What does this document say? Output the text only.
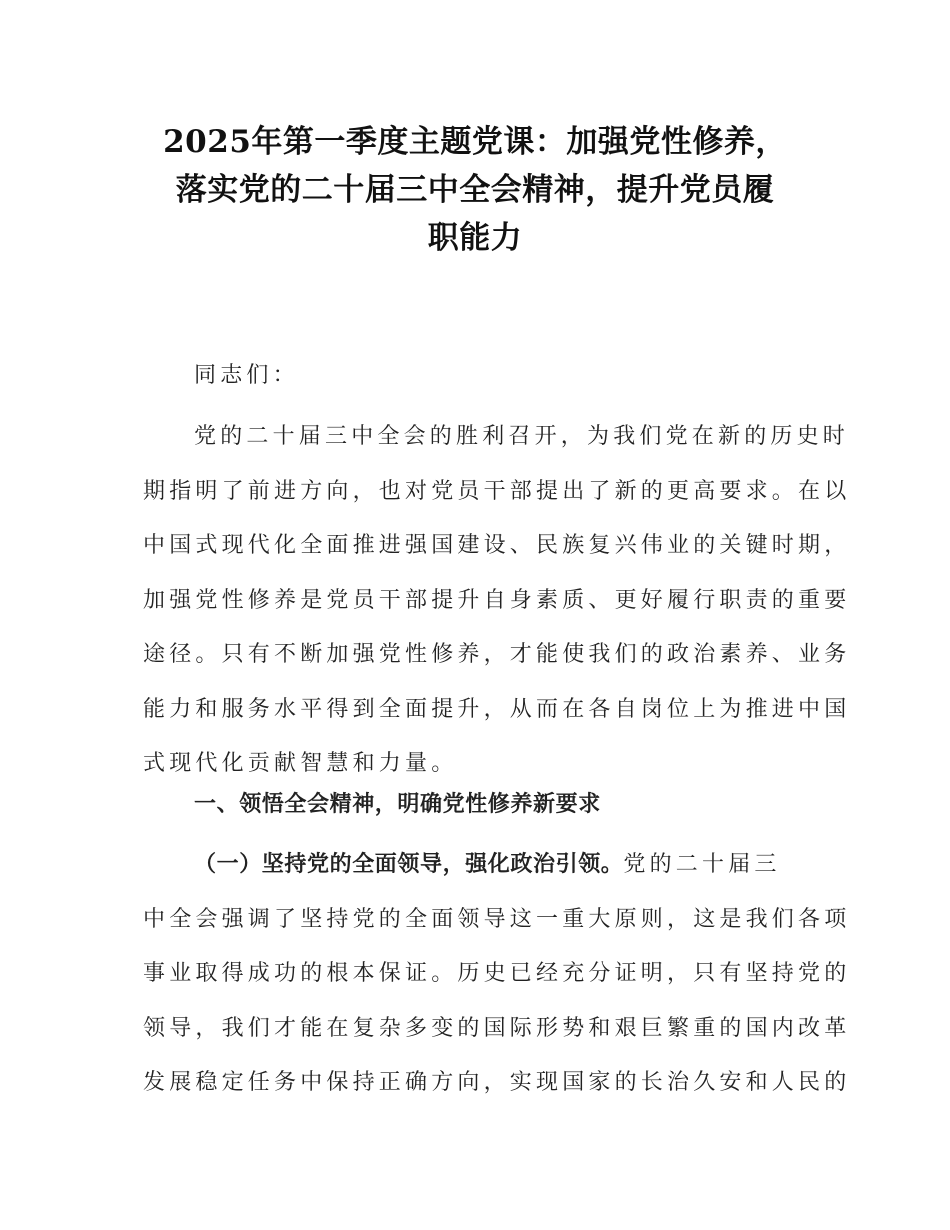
2025年第一季度主题党课：加强党性修养，
落实党的二十届三中全会精神，提升党员履
职能力
同志们：
党的二十届三中全会的胜利召开，为我们党在新的历史时
期指明了前进方向，也对党员干部提出了新的更高要求。在以
中国式现代化全面推进强国建设、民族复兴伟业的关键时期，
加强党性修养是党员干部提升自身素质、更好履行职责的重要
途径。只有不断加强党性修养，才能使我们的政治素养、业务
能力和服务水平得到全面提升，从而在各自岗位上为推进中国
式现代化贡献智慧和力量。
一、领悟全会精神，明确党性修养新要求
（一）坚持党的全面领导，强化政治引领。党的二十届三
中全会强调了坚持党的全面领导这一重大原则，这是我们各项
事业取得成功的根本保证。历史已经充分证明，只有坚持党的
领导，我们才能在复杂多变的国际形势和艰巨繁重的国内改革
发展稳定任务中保持正确方向，实现国家的长治久安和人民的
